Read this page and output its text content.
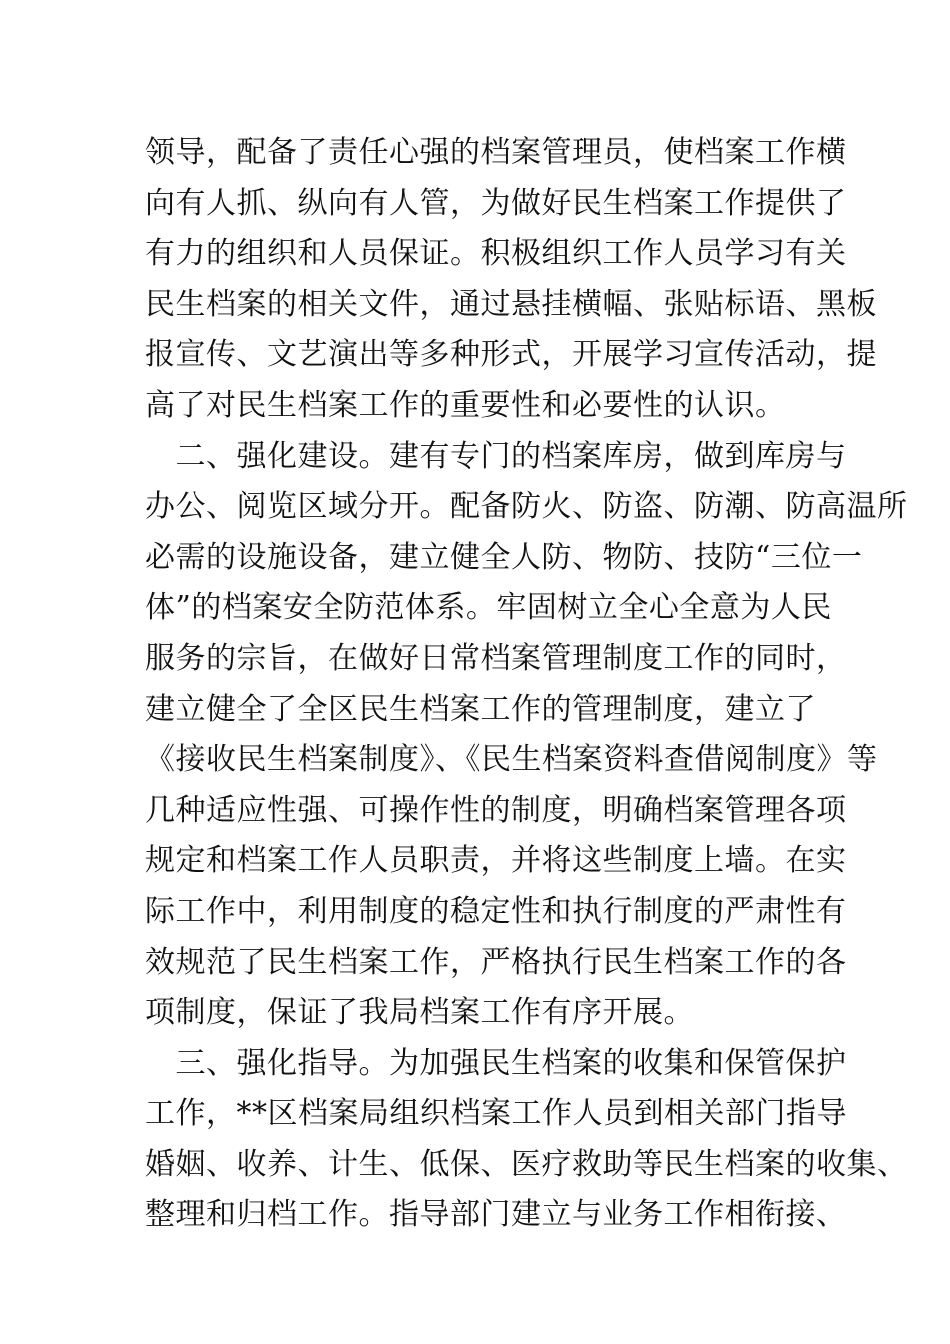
领导，配备了责任心强的档案管理员，使档案工作横
向有人抓、纵向有人管，为做好民生档案工作提供了
有力的组织和人员保证。积极组织工作人员学习有关
民生档案的相关文件，通过悬挂横幅、张贴标语、黑板
报宣传、文艺演出等多种形式，开展学习宣传活动，提
高了对民生档案工作的重要性和必要性的认识。
　二、强化建设。建有专门的档案库房，做到库房与
办公、阅览区域分开。配备防火、防盗、防潮、防高温所
必需的设施设备，建立健全人防、物防、技防“三位一
体”的档案安全防范体系。牢固树立全心全意为人民
服务的宗旨，在做好日常档案管理制度工作的同时，
建立健全了全区民生档案工作的管理制度，建立了
《接收民生档案制度》、《民生档案资料查借阅制度》等
几种适应性强、可操作性的制度，明确档案管理各项
规定和档案工作人员职责，并将这些制度上墙。在实
际工作中，利用制度的稳定性和执行制度的严肃性有
效规范了民生档案工作，严格执行民生档案工作的各
项制度，保证了我局档案工作有序开展。
　三、强化指导。为加强民生档案的收集和保管保护
工作，**区档案局组织档案工作人员到相关部门指导
婚姻、收养、计生、低保、医疗救助等民生档案的收集、
整理和归档工作。指导部门建立与业务工作相衔接、
